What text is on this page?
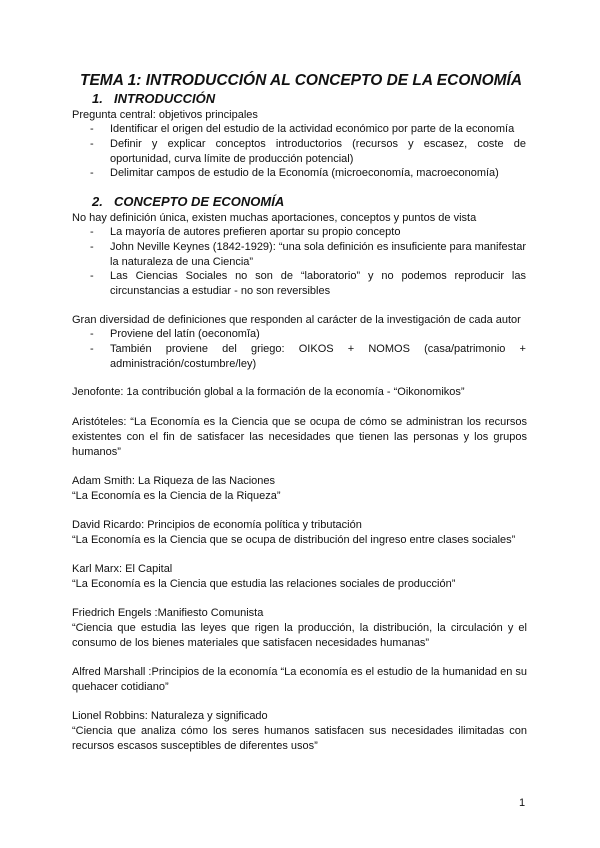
TEMA 1: INTRODUCCIÓN AL CONCEPTO DE LA ECONOMÍA
1. INTRODUCCIÓN
Pregunta central: objetivos principales
- Identificar el origen del estudio de la actividad económico por parte de la economía
- Definir y explicar conceptos introductorios (recursos y escasez, coste de oportunidad, curva límite de producción potencial)
- Delimitar campos de estudio de la Economía (microeconomía, macroeconomía)
2. CONCEPTO DE ECONOMÍA
No hay definición única, existen muchas aportaciones, conceptos y puntos de vista
- La mayoría de autores prefieren aportar su propio concepto
- John Neville Keynes (1842-1929): “una sola definición es insuficiente para manifestar la naturaleza de una Ciencia”
- Las Ciencias Sociales no son de “laboratorio” y no podemos reproducir las circunstancias a estudiar - no son reversibles
Gran diversidad de definiciones que responden al carácter de la investigación de cada autor
- Proviene del latín (oeconomĭa)
- También proviene del griego: OIKOS + NOMOS (casa/patrimonio + administración/costumbre/ley)
Jenofonte: 1a contribución global a la formación de la economía - “Oikonomikos”
Aristóteles: “La Economía es la Ciencia que se ocupa de cómo se administran los recursos existentes con el fin de satisfacer las necesidades que tienen las personas y los grupos humanos”
Adam Smith: La Riqueza de las Naciones
“La Economía es la Ciencia de la Riqueza”
David Ricardo: Principios de economía política y tributación
“La Economía es la Ciencia que se ocupa de distribución del ingreso entre clases sociales”
Karl Marx: El Capital
“La Economía es la Ciencia que estudia las relaciones sociales de producción”
Friedrich Engels :Manifiesto Comunista
“Ciencia que estudia las leyes que rigen la producción, la distribución, la circulación y el consumo de los bienes materiales que satisfacen necesidades humanas”
Alfred Marshall :Principios de la economía “La economía es el estudio de la humanidad en su quehacer cotidiano”
Lionel Robbins: Naturaleza y significado
“Ciencia que analiza cómo los seres humanos satisfacen sus necesidades ilimitadas con recursos escasos susceptibles de diferentes usos”
1
